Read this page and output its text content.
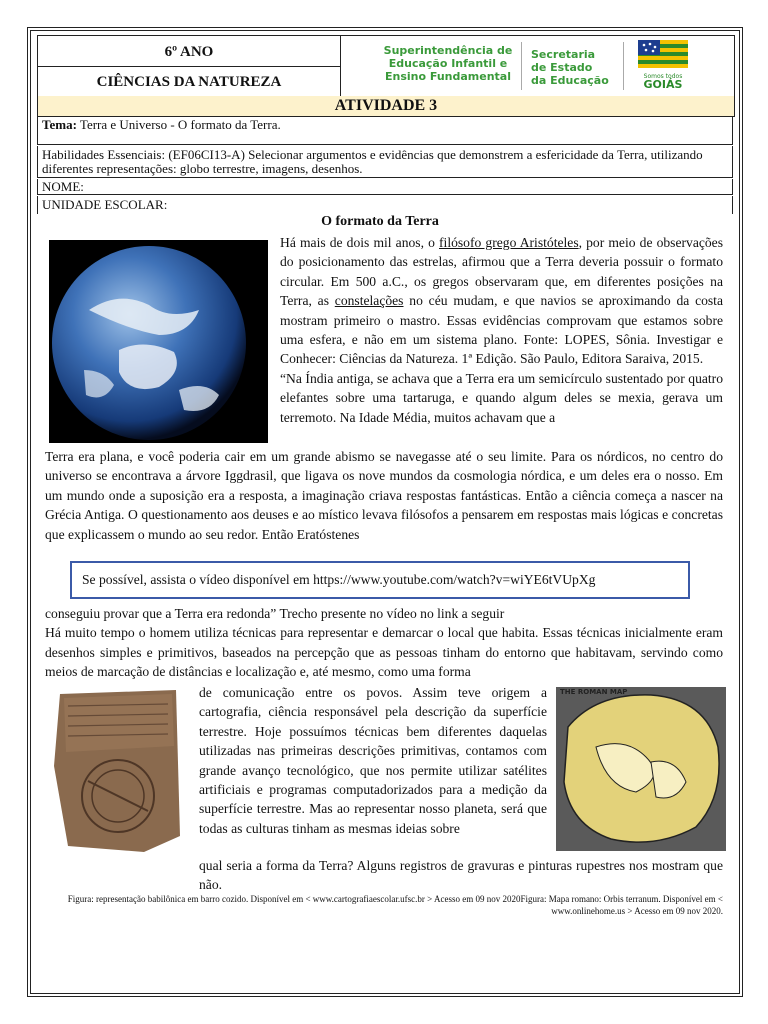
6º ANO
CIÊNCIAS DA NATUREZA
Superintendência de Educação Infantil e Ensino Fundamental
Secretaria de Estado da Educação	Somos todos
GOIÁS
ATIVIDADE 3
Tema: Terra e Universo - O formato da Terra.
Habilidades Essenciais: (EF06CI13-A) Selecionar argumentos e evidências que demonstrem a esfericidade da Terra, utilizando diferentes representações: globo terrestre, imagens, desenhos.
NOME:
UNIDADE ESCOLAR:
O formato da Terra
Há mais de dois mil anos, o filósofo grego Aristóteles, por meio de observações do posicionamento das estrelas, afirmou que a Terra deveria possuir o formato circular. Em 500 a.C., os gregos observaram que, em diferentes posições na Terra, as constelações no céu mudam, e que navios se aproximando da costa mostram primeiro o mastro. Essas evidências comprovam que estamos sobre uma esfera, e não em um sistema plano. Fonte: LOPES, Sônia. Investigar e Conhecer: Ciências da Natureza. 1ª Edição. São Paulo, Editora Saraiva, 2015.
“Na Índia antiga, se achava que a Terra era um semicírculo sustentado por quatro elefantes sobre uma tartaruga, e quando algum deles se mexia, gerava um terremoto. Na Idade Média, muitos achavam que a
Terra era plana, e você poderia cair em um grande abismo se navegasse até o seu limite. Para os nórdicos, no centro do universo se encontrava a árvore Iggdrasil, que ligava os nove mundos da cosmologia nórdica, e um deles era o nosso. Em um mundo onde a suposição era a resposta, a imaginação criava respostas fantásticas. Então a ciência começa a nascer na Grécia Antiga. O questionamento aos deuses e ao místico levava filósofos a pensarem em respostas mais lógicas e concretas que explicassem o mundo ao seu redor. Então Eratóstenes
Se possível, assista o vídeo disponível em https://www.youtube.com/watch?v=wiYE6tVUpXg
conseguiu provar que a Terra era redonda” Trecho presente no vídeo no link a seguir
Há muito tempo o homem utiliza técnicas para representar e demarcar o local que habita. Essas técnicas inicialmente eram desenhos simples e primitivos, baseados na percepção que as pessoas tinham do entorno que habitavam, servindo como meios de marcação de distâncias e localização e, até mesmo, como uma forma
de comunicação entre os povos. Assim teve origem a cartografia, ciência responsável pela descrição da superfície terrestre. Hoje possuímos técnicas bem diferentes daquelas utilizadas nas primeiras descrições primitivas, contamos com grande avanço tecnológico, que nos permite utilizar satélites artificiais e programas computadorizados para a medição da superfície terrestre. Mas ao representar nosso planeta, será que todas as culturas tinham as mesmas ideias sobre
THE ROMAN MAP
qual seria a forma da Terra? Alguns registros de gravuras e pinturas rupestres nos mostram que não.
Figura: representação babilônica em barro cozido. Disponível em < www.cartografiaescolar.ufsc.br > Acesso em 09 nov 2020Figura: Mapa romano: Orbis terranum. Disponível em < www.onlinehome.us > Acesso em 09 nov 2020.
